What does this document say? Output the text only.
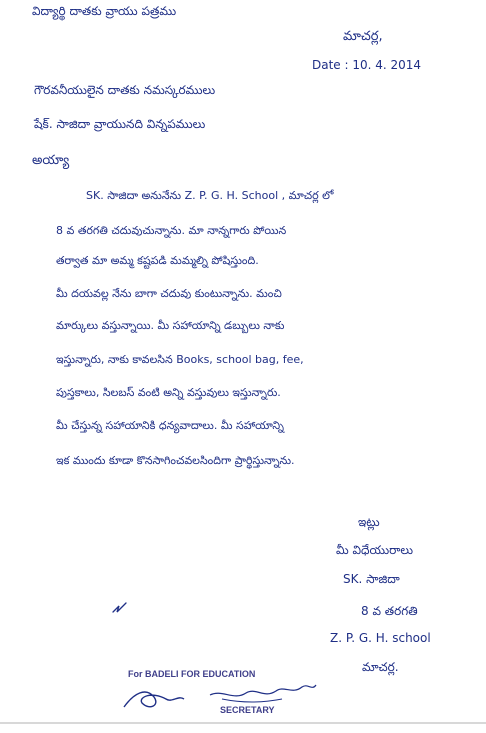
విద్యార్థి దాతకు వ్రాయు పత్రము
మాచర్ల,
Date : 10. 4. 2014
గౌరవనీయులైన దాతకు నమస్కరములు
షేక్. సాజిదా వ్రాయునది విన్నపములు
అయ్యా
SK. సాజిదా అనునేను Z. P. G. H. School , మాచర్ల లో
8 వ తరగతి చదువుచున్నాను. మా నాన్నగారు పోయిన
తర్వాత మా అమ్మ కష్టపడి మమ్మల్ని పోషిస్తుంది.
మీ దయవల్ల నేను బాగా చదువు కుంటున్నాను. మంచి
మార్కులు వస్తున్నాయి. మీ సహాయాన్ని డబ్బులు నాకు
ఇస్తున్నారు, నాకు కావలసిన Books, school bag, fee,
పుస్తకాలు, సిలబస్ వంటి అన్ని వస్తువులు ఇస్తున్నారు.
మీ చేస్తున్న సహాయానికి ధన్యవాదాలు. మీ సహాయాన్ని
ఇక ముందు కూడా కొనసాగించవలసిందిగా ప్రార్థిస్తున్నాను.
ఇట్లు
మీ విధేయురాలు
SK. సాజిదా
8 వ తరగతి
Z. P. G. H. school
మాచర్ల.
For BADELI FOR EDUCATION
SECRETARY
